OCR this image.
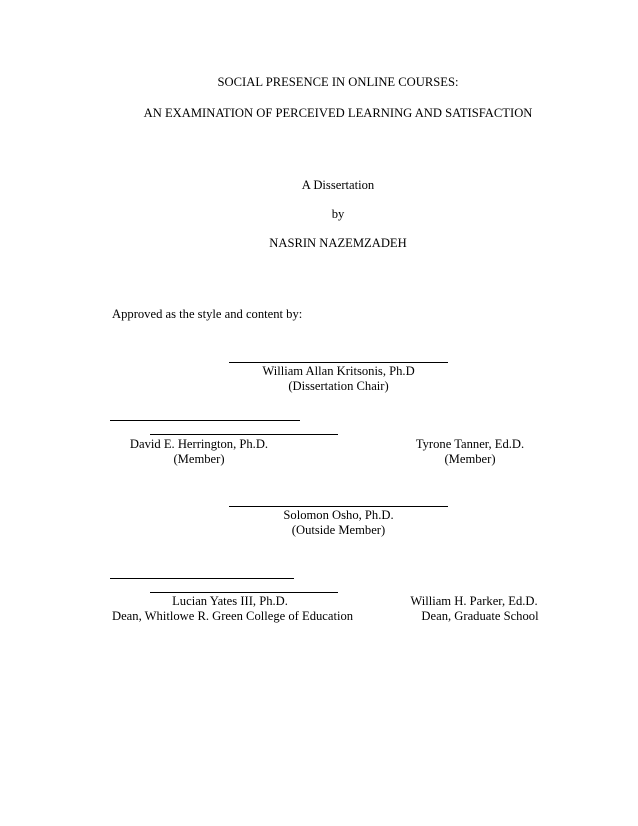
SOCIAL PRESENCE IN ONLINE COURSES:
AN EXAMINATION OF PERCEIVED LEARNING AND SATISFACTION
A Dissertation
by
NASRIN NAZEMZADEH
Approved as the style and content by:
William Allan Kritsonis, Ph.D
(Dissertation Chair)
David E. Herrington, Ph.D.
(Member)
Tyrone Tanner, Ed.D.
(Member)
Solomon Osho, Ph.D.
(Outside Member)
Lucian Yates III, Ph.D.
Dean, Whitlowe R. Green College of Education
William H. Parker, Ed.D.
Dean, Graduate School
